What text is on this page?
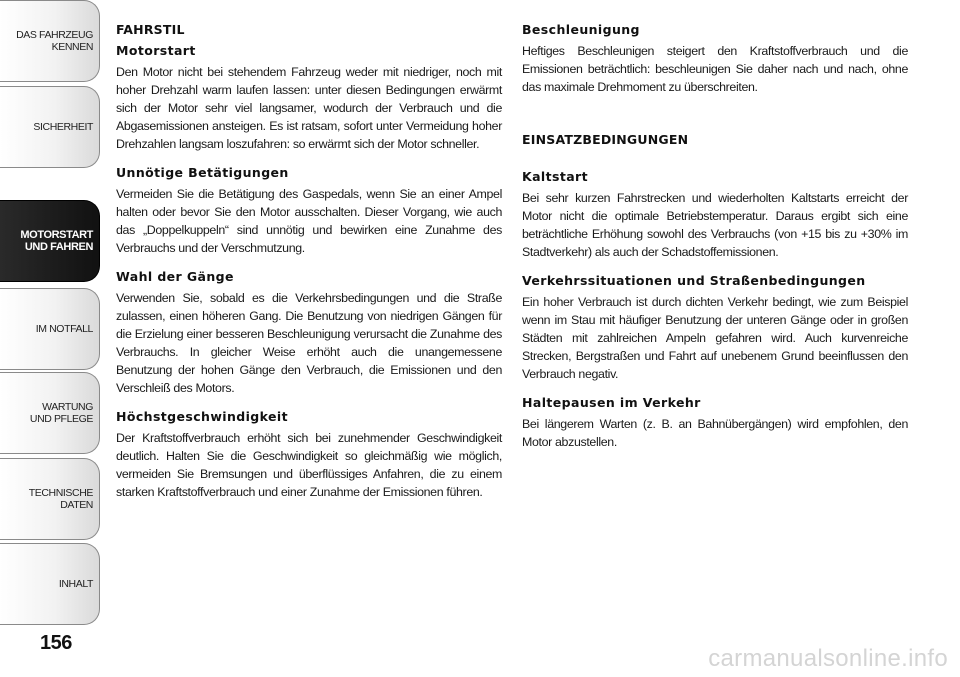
DAS FAHRZEUG
KENNEN
SICHERHEIT
MOTORSTART
UND FAHREN
IM NOTFALL
WARTUNG
UND PFLEGE
TECHNISCHE
DATEN
INHALT
156
FAHRSTIL
Motorstart

Den Motor nicht bei stehendem Fahrzeug weder mit niedriger, noch mit hoher Drehzahl warm laufen lassen: unter diesen Bedingungen erwärmt sich der Motor sehr viel langsamer, wodurch der Verbrauch und die Abgasemissionen ansteigen. Es ist ratsam, sofort unter Vermeidung hoher Drehzahlen langsam loszufahren: so erwärmt sich der Motor schneller.

Unnötige Betätigungen

Vermeiden Sie die Betätigung des Gaspedals, wenn Sie an einer Ampel halten oder bevor Sie den Motor ausschalten. Dieser Vorgang, wie auch das „Doppelkuppeln“ sind unnötig und bewirken eine Zunahme des Verbrauchs und der Verschmutzung.

Wahl der Gänge

Verwenden Sie, sobald es die Verkehrsbedingungen und die Straße zulassen, einen höheren Gang. Die Benutzung von niedrigen Gängen für die Erzielung einer besseren Beschleunigung verursacht die Zunahme des Verbrauchs. In gleicher Weise erhöht auch die unangemessene Benutzung der hohen Gänge den Verbrauch, die Emissionen und den Verschleiß des Motors.

Höchstgeschwindigkeit

Der Kraftstoffverbrauch erhöht sich bei zunehmender Geschwindigkeit deutlich. Halten Sie die Geschwindigkeit so gleichmäßig wie möglich, vermeiden Sie Bremsungen und überflüssiges Anfahren, die zu einem starken Kraftstoffverbrauch und einer Zunahme der Emissionen führen.

Beschleunigung

Heftiges Beschleunigen steigert den Kraftstoffverbrauch und die Emissionen beträchtlich: beschleunigen Sie daher nach und nach, ohne das maximale Drehmoment zu überschreiten.

EINSATZBEDINGUNGEN
Kaltstart

Bei sehr kurzen Fahrstrecken und wiederholten Kaltstarts erreicht der Motor nicht die optimale Betriebstemperatur. Daraus ergibt sich eine beträchtliche Erhöhung sowohl des Verbrauchs (von +15 bis zu +30% im Stadtverkehr) als auch der Schadstoffemissionen.

Verkehrssituationen und Straßenbedingungen

Ein hoher Verbrauch ist durch dichten Verkehr bedingt, wie zum Beispiel wenn im Stau mit häufiger Benutzung der unteren Gänge oder in großen Städten mit zahlreichen Ampeln gefahren wird. Auch kurvenreiche Strecken, Bergstraßen und Fahrt auf unebenem Grund beeinflussen den Verbrauch negativ.

Haltepausen im Verkehr

Bei längerem Warten (z. B. an Bahnübergängen) wird empfohlen, den Motor abzustellen.

carmanualsonline.info
